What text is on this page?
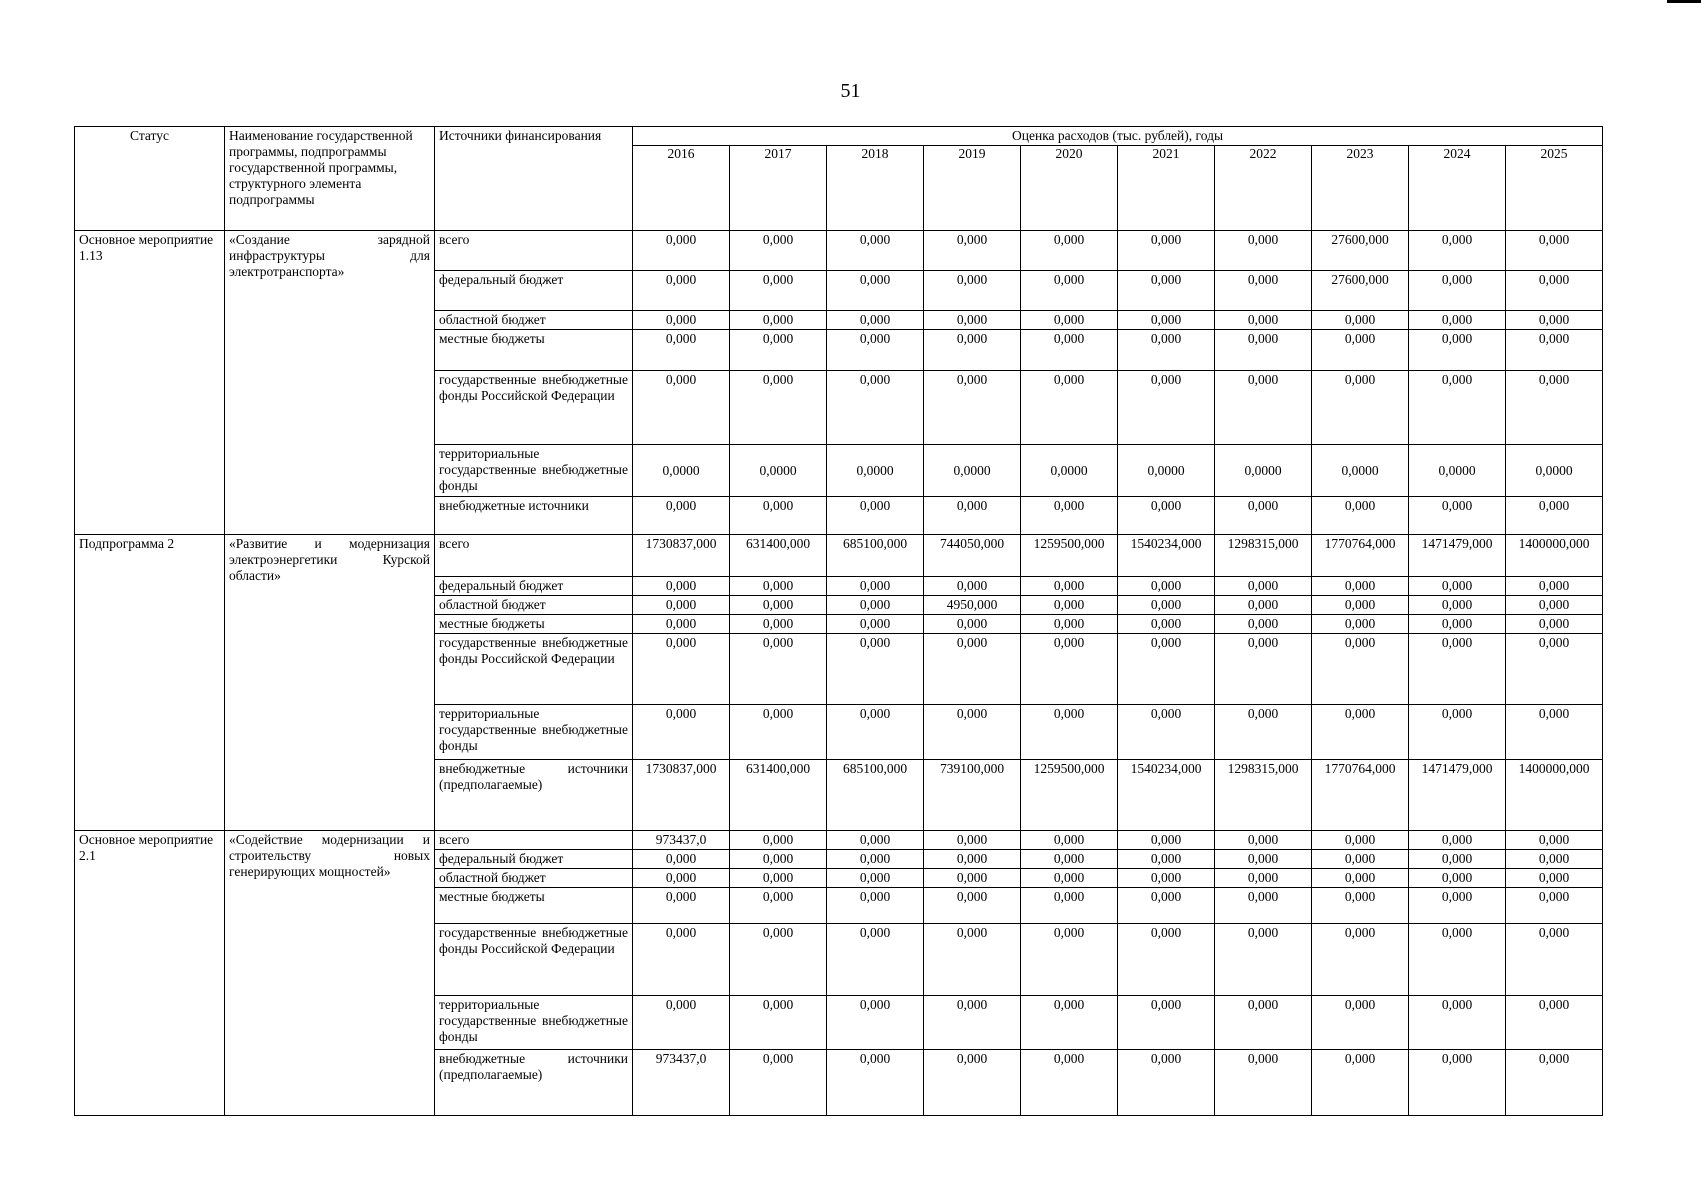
51
Статус	Наименование государственной программы, подпрограммы государственной программы, структурного элемента подпрограммы	Источники финансирования	Оценка расходов (тыс. рублей), годы									
			2016	2017	2018	2019	2020	2021	2022	2023	2024	2025
Основное мероприятие 1.13	«Создание зарядной инфраструктуры для электротранспорта»	всего	0,000	0,000	0,000	0,000	0,000	0,000	0,000	27600,000	0,000	0,000
		федеральный бюджет	0,000	0,000	0,000	0,000	0,000	0,000	0,000	27600,000	0,000	0,000
		областной бюджет	0,000	0,000	0,000	0,000	0,000	0,000	0,000	0,000	0,000	0,000
		местные бюджеты	0,000	0,000	0,000	0,000	0,000	0,000	0,000	0,000	0,000	0,000
		государственные внебюджетные фонды Российской Федерации	0,000	0,000	0,000	0,000	0,000	0,000	0,000	0,000	0,000	0,000
		территориальные государственные внебюджетные фонды	0,0000	0,0000	0,0000	0,0000	0,0000	0,0000	0,0000	0,0000	0,0000	0,0000
		внебюджетные источники	0,000	0,000	0,000	0,000	0,000	0,000	0,000	0,000	0,000	0,000
Подпрограмма 2	«Развитие и модернизация электроэнергетики Курской области»	всего	1730837,000	631400,000	685100,000	744050,000	1259500,000	1540234,000	1298315,000	1770764,000	1471479,000	1400000,000
		федеральный бюджет	0,000	0,000	0,000	0,000	0,000	0,000	0,000	0,000	0,000	0,000
		областной бюджет	0,000	0,000	0,000	4950,000	0,000	0,000	0,000	0,000	0,000	0,000
		местные бюджеты	0,000	0,000	0,000	0,000	0,000	0,000	0,000	0,000	0,000	0,000
		государственные внебюджетные фонды Российской Федерации	0,000	0,000	0,000	0,000	0,000	0,000	0,000	0,000	0,000	0,000
		территориальные государственные внебюджетные фонды	0,000	0,000	0,000	0,000	0,000	0,000	0,000	0,000	0,000	0,000
		внебюджетные источники (предполагаемые)	1730837,000	631400,000	685100,000	739100,000	1259500,000	1540234,000	1298315,000	1770764,000	1471479,000	1400000,000
Основное мероприятие 2.1	«Содействие модернизации и строительству новых генерирующих мощностей»	всего	973437,0	0,000	0,000	0,000	0,000	0,000	0,000	0,000	0,000	0,000
		федеральный бюджет	0,000	0,000	0,000	0,000	0,000	0,000	0,000	0,000	0,000	0,000
		областной бюджет	0,000	0,000	0,000	0,000	0,000	0,000	0,000	0,000	0,000	0,000
		местные бюджеты	0,000	0,000	0,000	0,000	0,000	0,000	0,000	0,000	0,000	0,000
		государственные внебюджетные фонды Российской Федерации	0,000	0,000	0,000	0,000	0,000	0,000	0,000	0,000	0,000	0,000
		территориальные государственные внебюджетные фонды	0,000	0,000	0,000	0,000	0,000	0,000	0,000	0,000	0,000	0,000
		внебюджетные источники (предполагаемые)	973437,0	0,000	0,000	0,000	0,000	0,000	0,000	0,000	0,000	0,000
